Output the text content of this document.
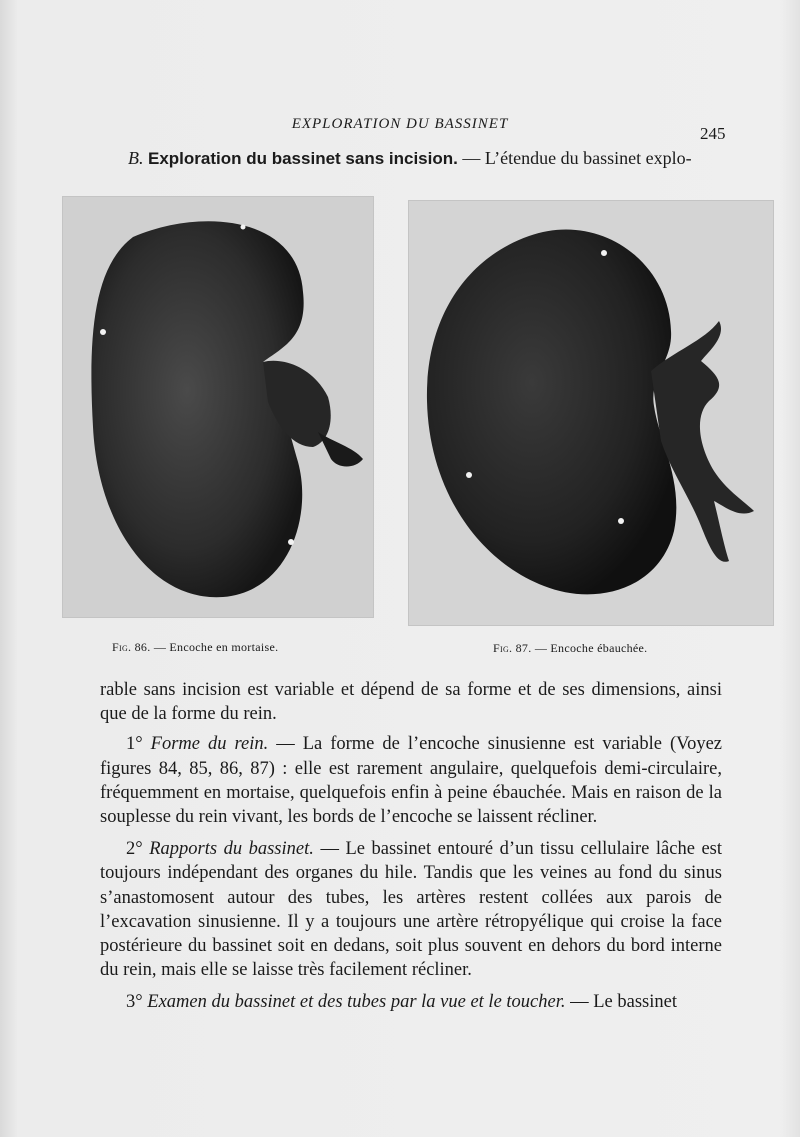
EXPLORATION DU BASSINET	245
B. Exploration du bassinet sans incision. — L’étendue du bassinet explo-
Fig. 86. — Encoche en mortaise.	Fig. 87. — Encoche ébauchée.

rable sans incision est variable et dépend de sa forme et de ses dimensions, ainsi que de la forme du rein.

1° Forme du rein. — La forme de l’encoche sinusienne est variable (Voyez figures 84, 85, 86, 87) : elle est rarement angulaire, quelquefois demi-circulaire, fréquemment en mortaise, quelquefois enfin à peine ébauchée. Mais en raison de la souplesse du rein vivant, les bords de l’encoche se laissent récliner.

2° Rapports du bassinet. — Le bassinet entouré d’un tissu cellulaire lâche est toujours indépendant des organes du hile. Tandis que les veines au fond du sinus s’anastomosent autour des tubes, les artères restent collées aux parois de l’excavation sinusienne. Il y a toujours une artère rétropyélique qui croise la face postérieure du bassinet soit en dedans, soit plus souvent en dehors du bord interne du rein, mais elle se laisse très facilement récliner.

3° Examen du bassinet et des tubes par la vue et le toucher. — Le bassinet
